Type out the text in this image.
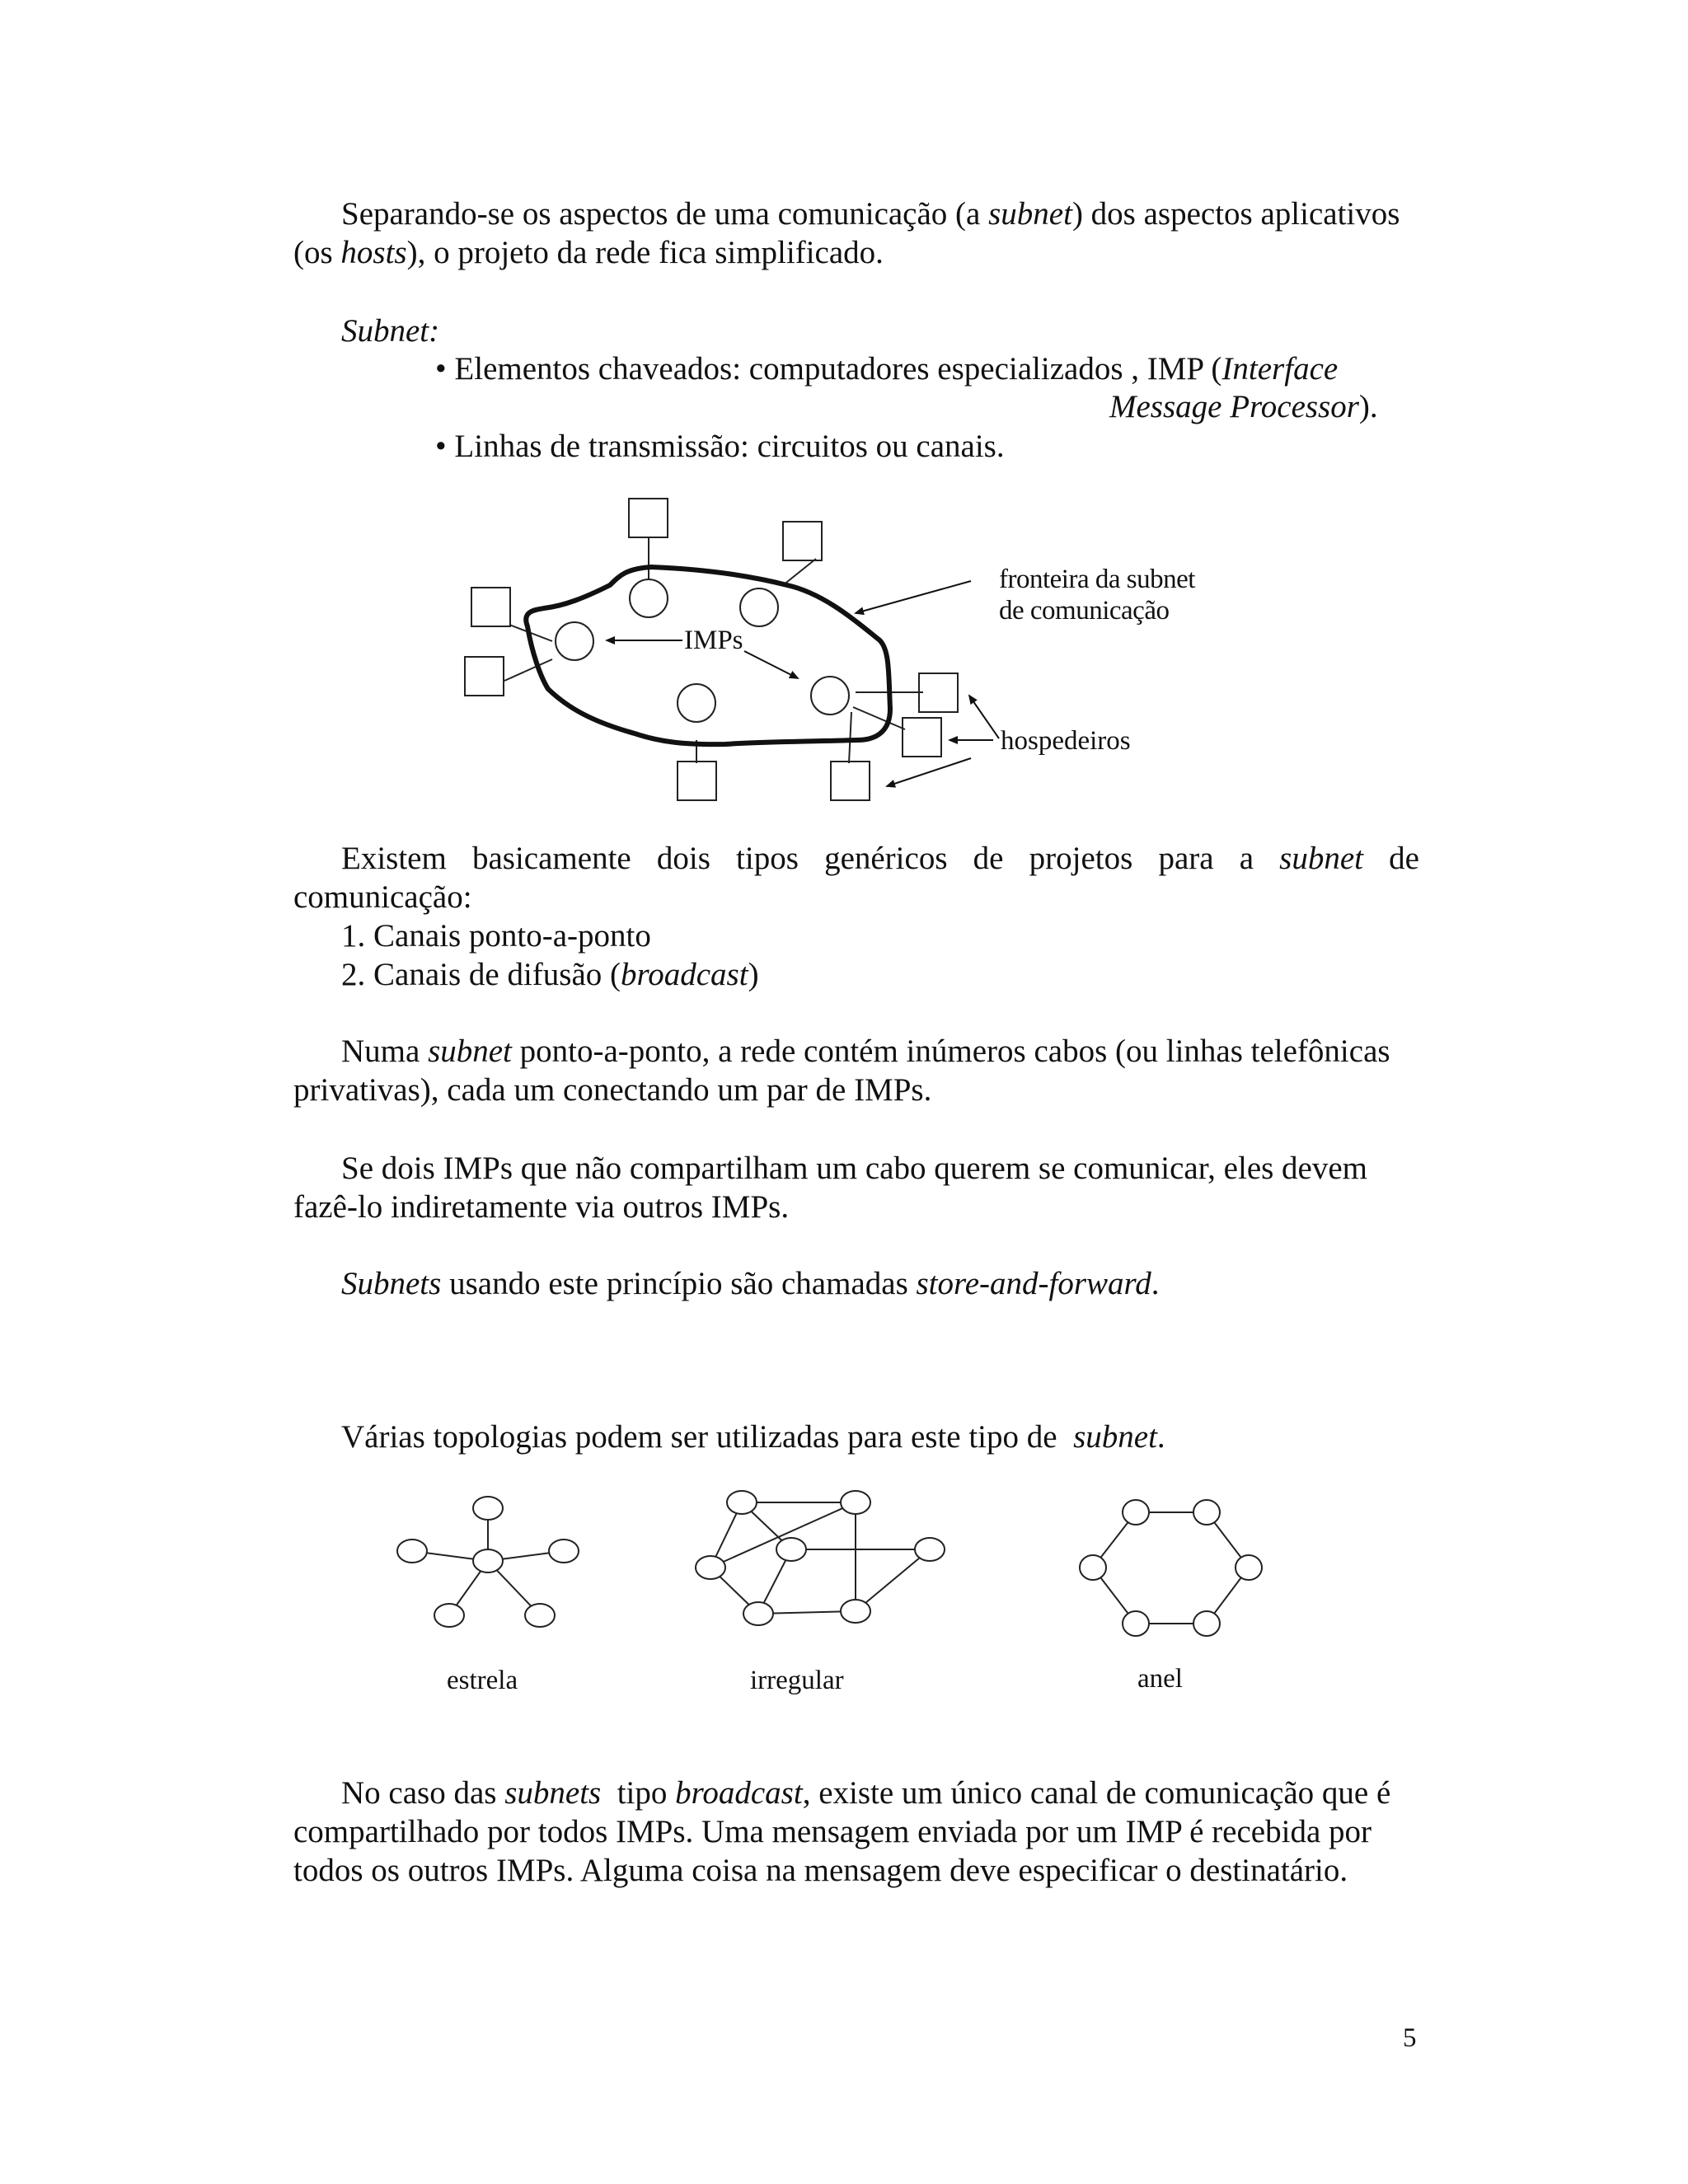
Separando-se os aspectos de uma comunicação (a subnet) dos aspectos aplicativos
(os hosts), o projeto da rede fica simplificado.
Subnet:
• Elementos chaveados: computadores especializados , IMP (Interface
Message Processor).
• Linhas de transmissão: circuitos ou canais.
fronteira da subnet
de comunicação
IMPs
hospedeiros
Existem basicamente dois tipos genéricos de projetos para a subnet de
comunicação:
1. Canais ponto-a-ponto
2. Canais de difusão (broadcast)
Numa subnet ponto-a-ponto, a rede contém inúmeros cabos (ou linhas telefônicas
privativas), cada um conectando um par de IMPs.
Se dois IMPs que não compartilham um cabo querem se comunicar, eles devem
fazê-lo indiretamente via outros IMPs.
Subnets usando este princípio são chamadas store-and-forward.
Várias topologias podem ser utilizadas para este tipo de  subnet.
estrela	irregular	anel
No caso das subnets  tipo broadcast, existe um único canal de comunicação que é
compartilhado por todos IMPs. Uma mensagem enviada por um IMP é recebida por
todos os outros IMPs. Alguma coisa na mensagem deve especificar o destinatário.
5
